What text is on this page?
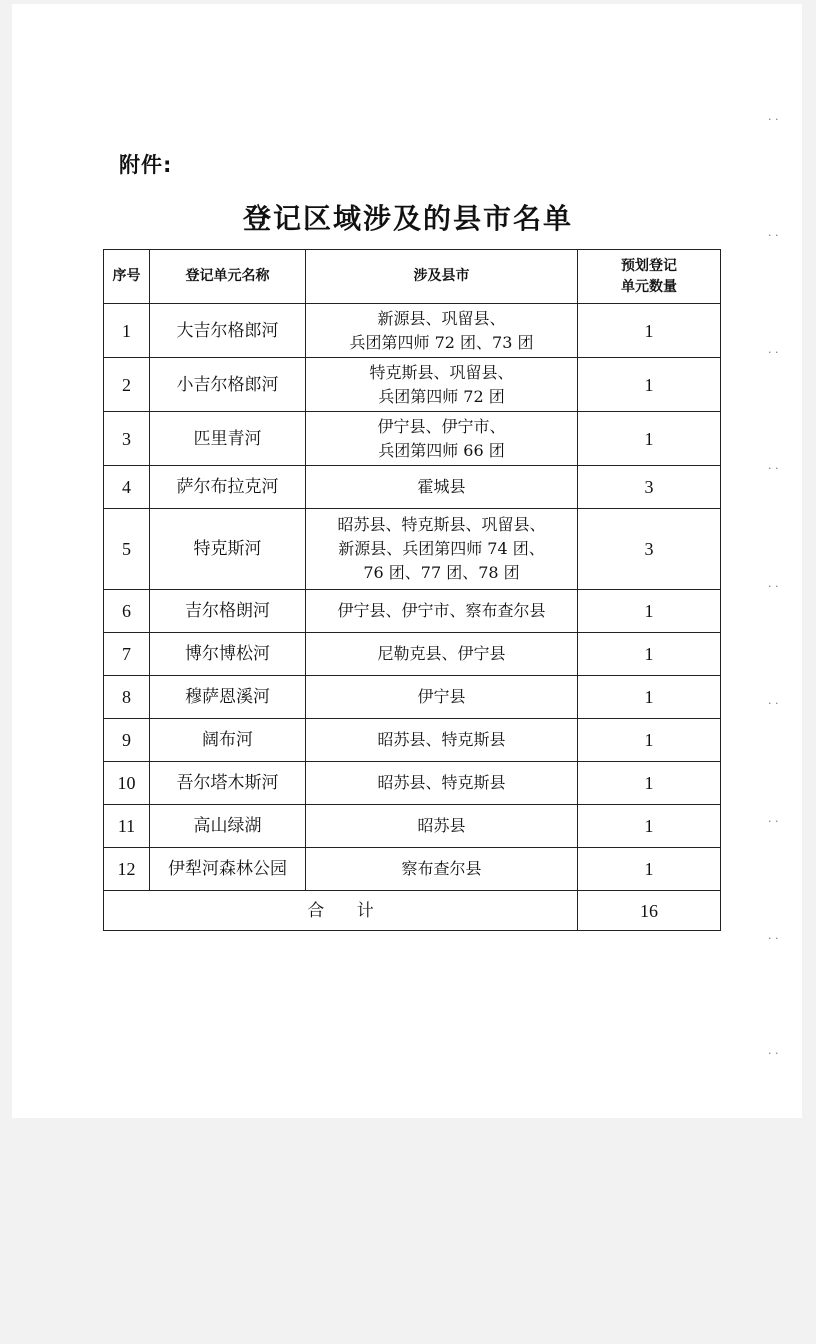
附件:
登记区域涉及的县市名单
序号	登记单元名称	涉及县市	预划登记
单元数量

1	大吉尔格郎河	新源县、巩留县、
兵团第四师 72 团、73 团	1
2	小吉尔格郎河	特克斯县、巩留县、
兵团第四师 72 团	1
3	匹里青河	伊宁县、伊宁市、
兵团第四师 66 团	1
4	萨尔布拉克河	霍城县	3
5	特克斯河	昭苏县、特克斯县、巩留县、
新源县、兵团第四师 74 团、
76 团、77 团、78 团	3
6	吉尔格朗河	伊宁县、伊宁市、察布查尔县	1
7	博尔博松河	尼勒克县、伊宁县	1
8	穆萨恩溪河	伊宁县	1
9	阔布河	昭苏县、特克斯县	1
10	吾尔塔木斯河	昭苏县、特克斯县	1
11	高山绿湖	昭苏县	1
12	伊犁河森林公园	察布查尔县	1
合      计			16
· ·
· ·
· ·
· ·
· ·
· ·
· ·
· ·
· ·
